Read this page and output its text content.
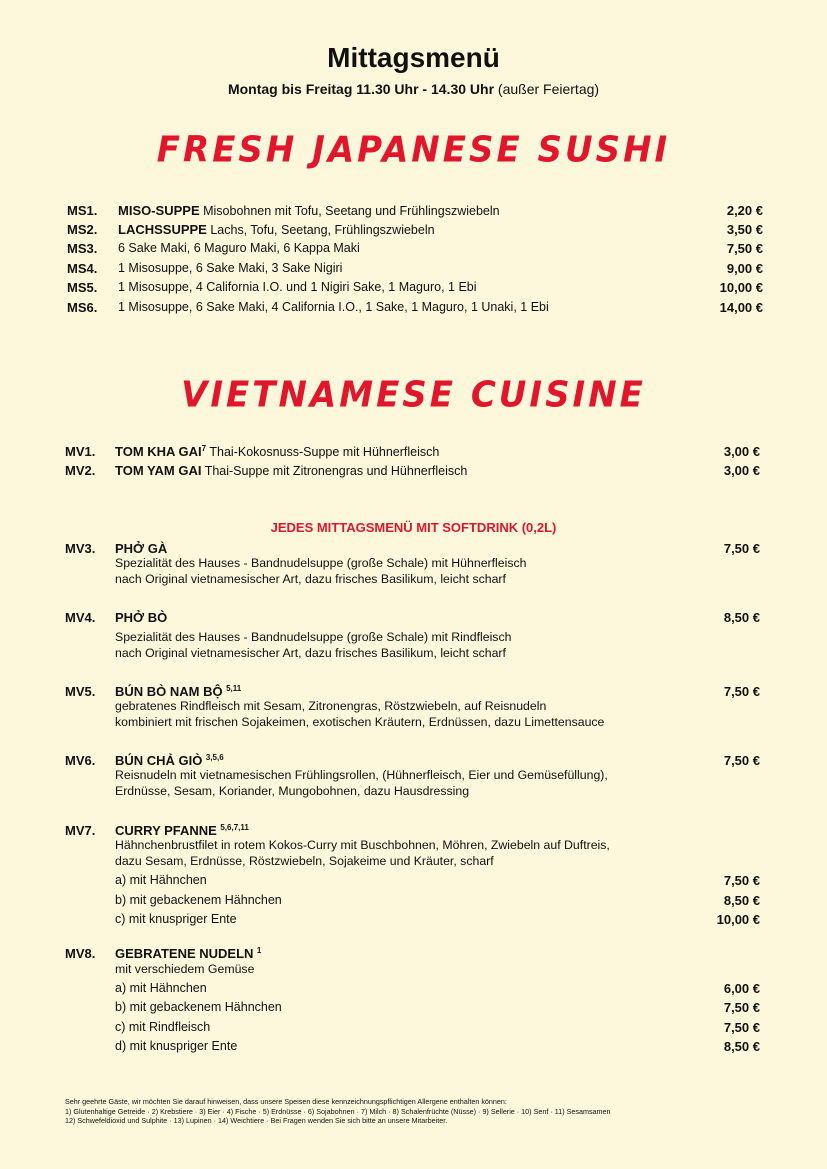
Mittagsmenü
Montag bis Freitag 11.30 Uhr - 14.30 Uhr (außer Feiertag)
FRESH JAPANESE SUSHI
MS1. MISO-SUPPE Misobohnen mit Tofu, Seetang und Frühlingszwiebeln	2,20 €
MS2. LACHSSUPPE Lachs, Tofu, Seetang, Frühlingszwiebeln	3,50 €
MS3. 6 Sake Maki, 6 Maguro Maki, 6 Kappa Maki	7,50 €
MS4. 1 Misosuppe, 6 Sake Maki, 3 Sake Nigiri	9,00 €
MS5. 1 Misosuppe, 4 California I.O. und 1 Nigiri Sake, 1 Maguro, 1 Ebi	10,00 €
MS6. 1 Misosuppe, 6 Sake Maki, 4 California I.O., 1 Sake, 1 Maguro, 1 Unaki, 1 Ebi	14,00 €
VIETNAMESE CUISINE
MV1. TOM KHA GAI$^7$ Thai-Kokosnuss-Suppe mit Hühnerfleisch	3,00 €
MV2. TOM YAM GAI Thai-Suppe mit Zitronengras und Hühnerfleisch	3,00 €
JEDES MITTAGSMENÜ MIT SOFTDRINK (0,2L)
MV3. PHỞ GÀ	7,50 €
Spezialität des Hauses - Bandnudelsuppe (große Schale) mit Hühnerfleisch
nach Original vietnamesischer Art, dazu frisches Basilikum, leicht scharf
MV4. PHỞ BÒ	8,50 €
Spezialität des Hauses - Bandnudelsuppe (große Schale) mit Rindfleisch
nach Original vietnamesischer Art, dazu frisches Basilikum, leicht scharf
MV5. BÚN BÒ NAM BỘ $^{5,11}$	7,50 €
gebratenes Rindfleisch mit Sesam, Zitronengras, Röstzwiebeln, auf Reisnudeln
kombiniert mit frischen Sojakeimen, exotischen Kräutern, Erdnüssen, dazu Limettensauce
MV6. BÚN CHẢ GIÒ $^{3,5,6}$	7,50 €
Reisnudeln mit vietnamesischen Frühlingsrollen, (Hühnerfleisch, Eier und Gemüsefüllung),
Erdnüsse, Sesam, Koriander, Mungobohnen, dazu Hausdressing
MV7. CURRY PFANNE $^{5,6,7,11}$
Hähnchenbrustfilet in rotem Kokos-Curry mit Buschbohnen, Möhren, Zwiebeln auf Duftreis,
dazu Sesam, Erdnüsse, Röstzwiebeln, Sojakeime und Kräuter, scharf
MV8. GEBRATENE NUDELN $^1$
mit verschiedem Gemüse
a) mit Hähnchen	7,50 €
b) mit gebackenem Hähnchen	8,50 €
c) mit knuspriger Ente	10,00 €
a) mit Hähnchen	6,00 €
b) mit gebackenem Hähnchen	7,50 €
c) mit Rindfleisch	7,50 €
d) mit knuspriger Ente	8,50 €
Sehr geehrte Gäste, wir möchten Sie darauf hinweisen, dass unsere Speisen diese kennzeichnungspflichtigen Allergene enthalten können:
1) Glutenhaltige Getreide · 2) Krebstiere · 3) Eier · 4) Fische · 5) Erdnüsse · 6) Sojabohnen · 7) Milch · 8) Schalenfrüchte (Nüsse) · 9) Sellerie · 10) Senf · 11) Sesamsamen
12) Schwefeldioxid und Sulphite · 13) Lupinen · 14) Weichtiere · Bei Fragen wenden Sie sich bitte an unsere Mitarbeiter.
